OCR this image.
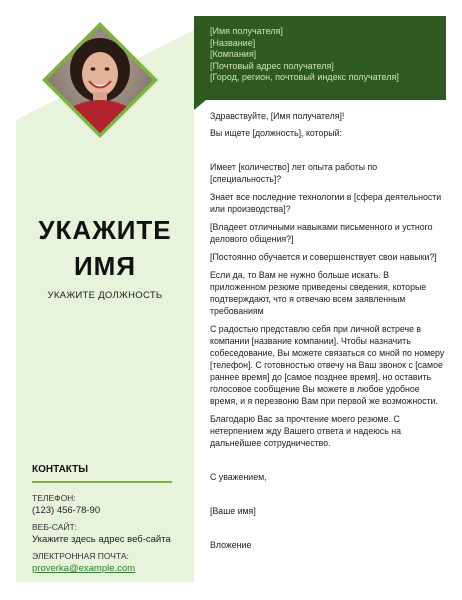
УКАЖИТЕ
ИМЯ
УКАЖИТЕ ДОЛЖНОСТЬ
КОНТАКТЫ
ТЕЛЕФОН:
(123) 456-78-90
ВЕБ-САЙТ:
Укажите здесь адрес веб-сайта
ЭЛЕКТРОННАЯ ПОЧТА:
proverka@example.com
[Имя получателя]
[Название]
[Компания]
[Почтовый адрес получателя]
[Город, регион, почтовый индекс получателя]

Здравствуйте, [Имя получателя]!

Вы ищете [должность], который:

Имеет [количество] лет опыта работы по [специальность]?

Знает все последние технологии в [сфера деятельности или производства]?

[Владеет отличными навыками письменного и устного делового общения?]

[Постоянно обучается и совершенствует свои навыки?]

Если да, то Вам не нужно больше искать. В приложенном резюме приведены сведения, которые подтверждают, что я отвечаю всем заявленным требованиям

С радостью представлю себя при личной встрече в компании [название компании]. Чтобы назначить собеседование, Вы можете связаться со мной по номеру [телефон]. С готовностью отвечу на Ваш звонок с [самое раннее время] до [самое позднее время], но оставить голосовое сообщение Вы можете в любое удобное время, и я перезвоню Вам при первой же возможности.

Благодарю Вас за прочтение моего резюме. С нетерпением жду Вашего ответа и надеюсь на дальнейшее сотрудничество.

С уважением,

[Ваше имя]

Вложение
